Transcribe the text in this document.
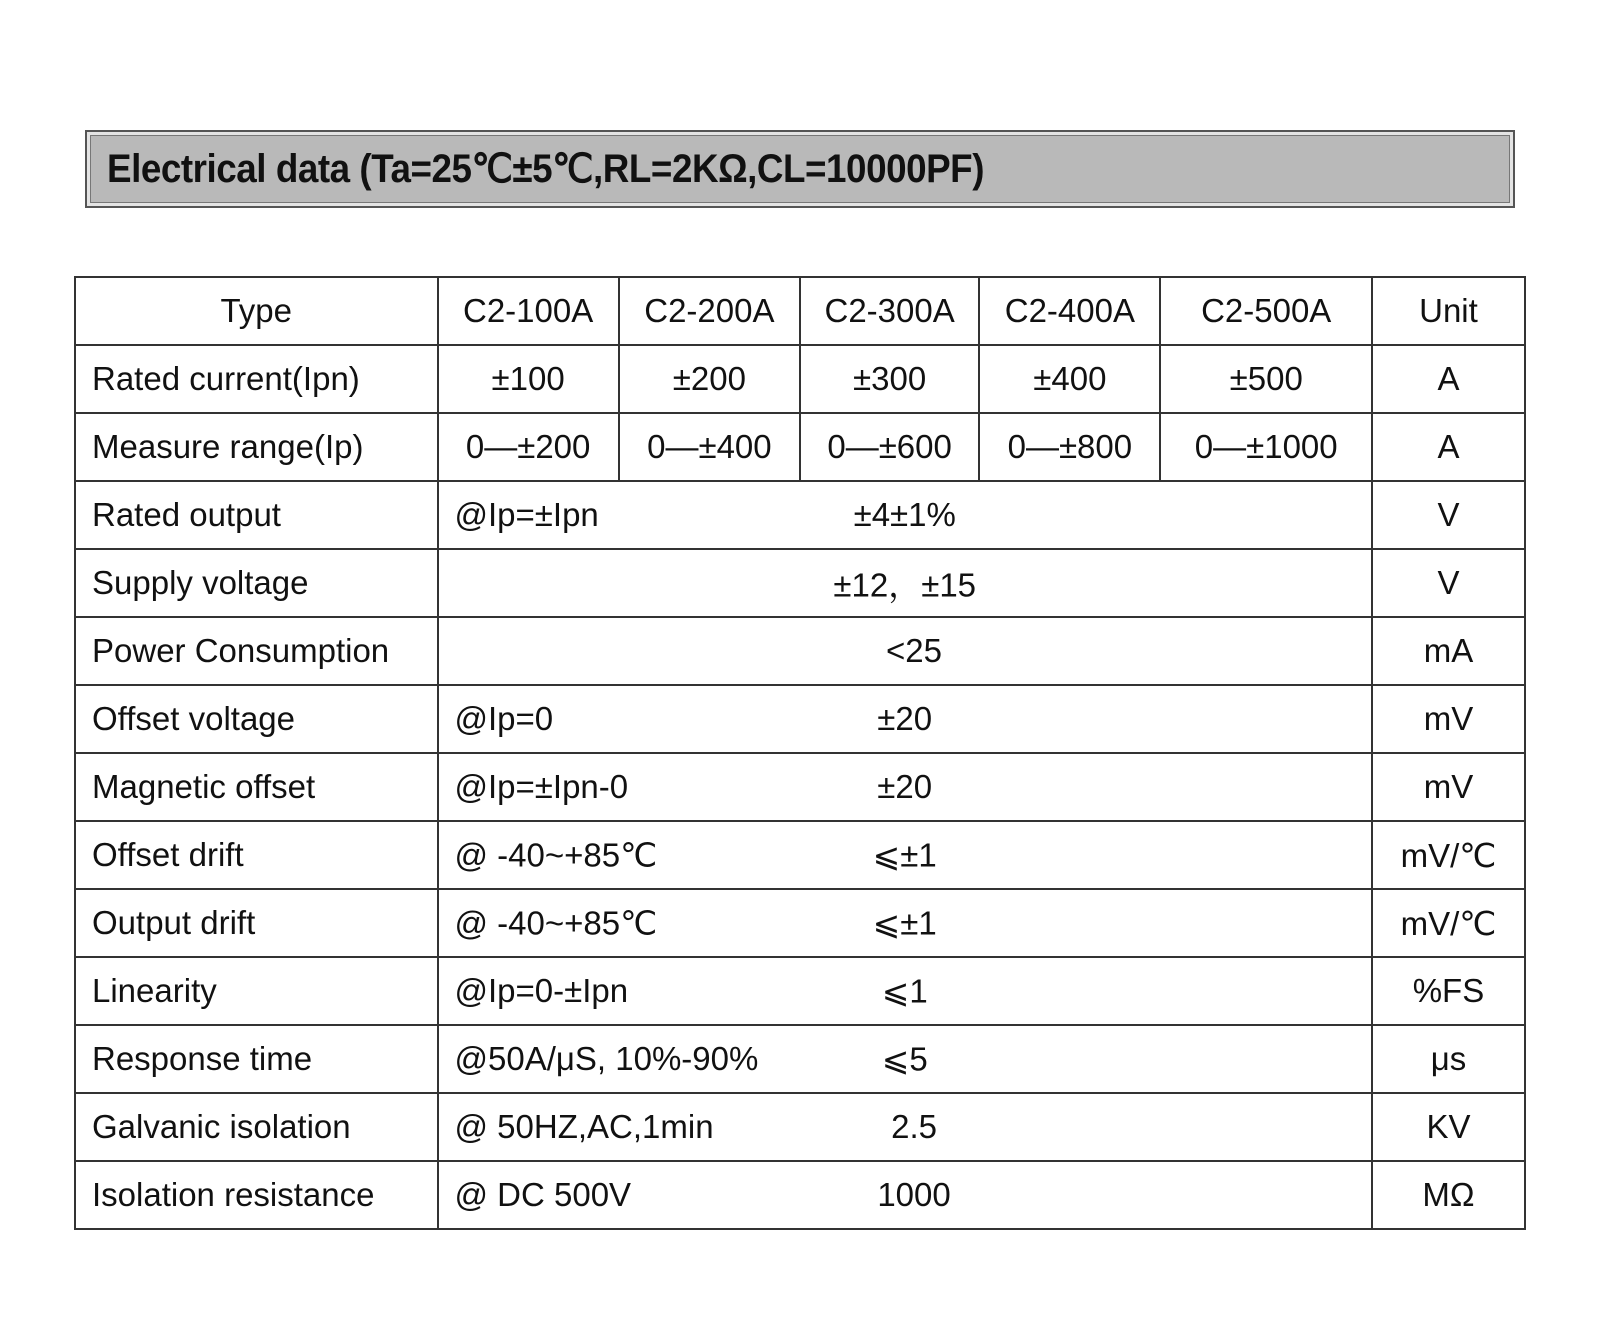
Electrical data (Ta=25℃±5℃,RL=2KΩ,CL=10000PF)
Type	C2-100A	C2-200A	C2-300A	C2-400A	C2-500A	Unit
Rated current(Ipn)	±100	±200	±300	±400	±500	A
Measure range(Ip)	0—±200	0—±400	0—±600	0—±800	0—±1000	A
Rated output	@Ip=±Ipn ±4±1%					V
Supply voltage	±12，±15					V
Power Consumption	<25					mA
Offset voltage	@Ip=0 ±20					mV
Magnetic offset	@Ip=±Ipn-0 ±20					mV
Offset drift	@ -40~+85℃ ⩽±1					mV/℃
Output drift	@ -40~+85℃ ⩽±1					mV/℃
Linearity	@Ip=0-±Ipn ⩽1					%FS
Response time	@50A/μS, 10%-90% ⩽5					μs
Galvanic isolation	@ 50HZ,AC,1min 2.5					KV
Isolation resistance	@ DC 500V 1000					MΩ
